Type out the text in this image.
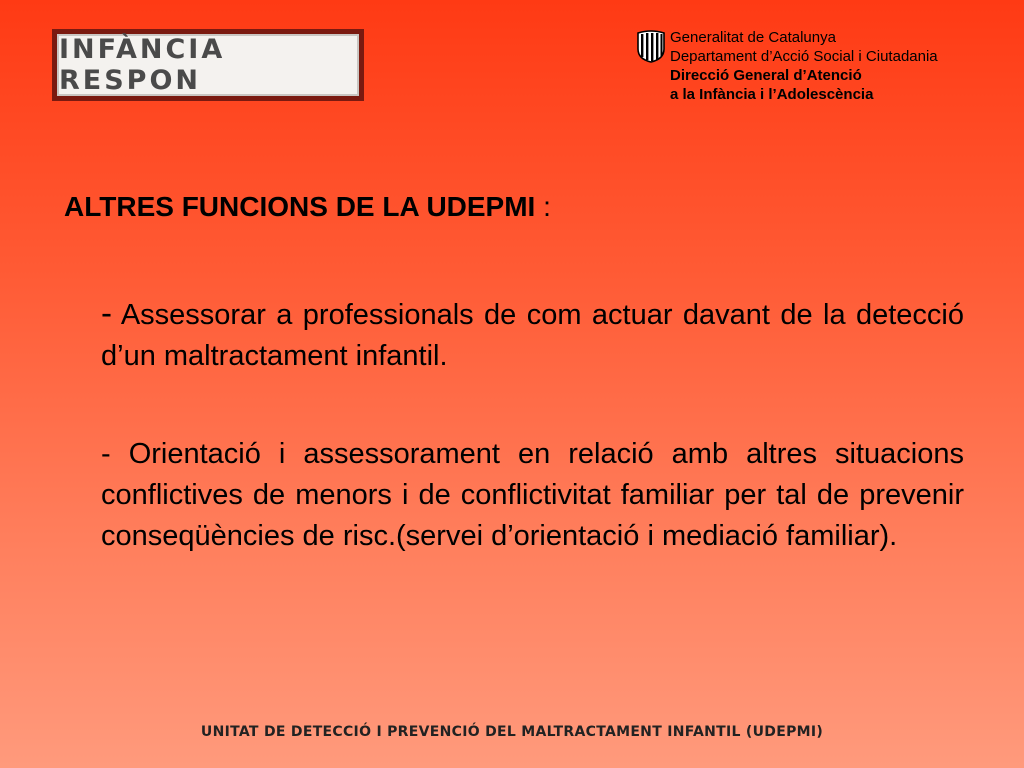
INFÀNCIA RESPON
Generalitat de Catalunya
Departament d’Acció Social i Ciutadania
Direcció General d’Atenció
a la Infància i l’Adolescència
ALTRES FUNCIONS DE LA UDEPMI :
- Assessorar a professionals de com actuar davant de la detecció d’un maltractament infantil.
- Orientació i assessorament en relació amb altres situacions conflictives de menors i de conflictivitat familiar per tal de prevenir conseqüències de risc.(servei d’orientació i mediació familiar).
UNITAT DE DETECCIÓ I PREVENCIÓ DEL MALTRACTAMENT INFANTIL (UDEPMI)
